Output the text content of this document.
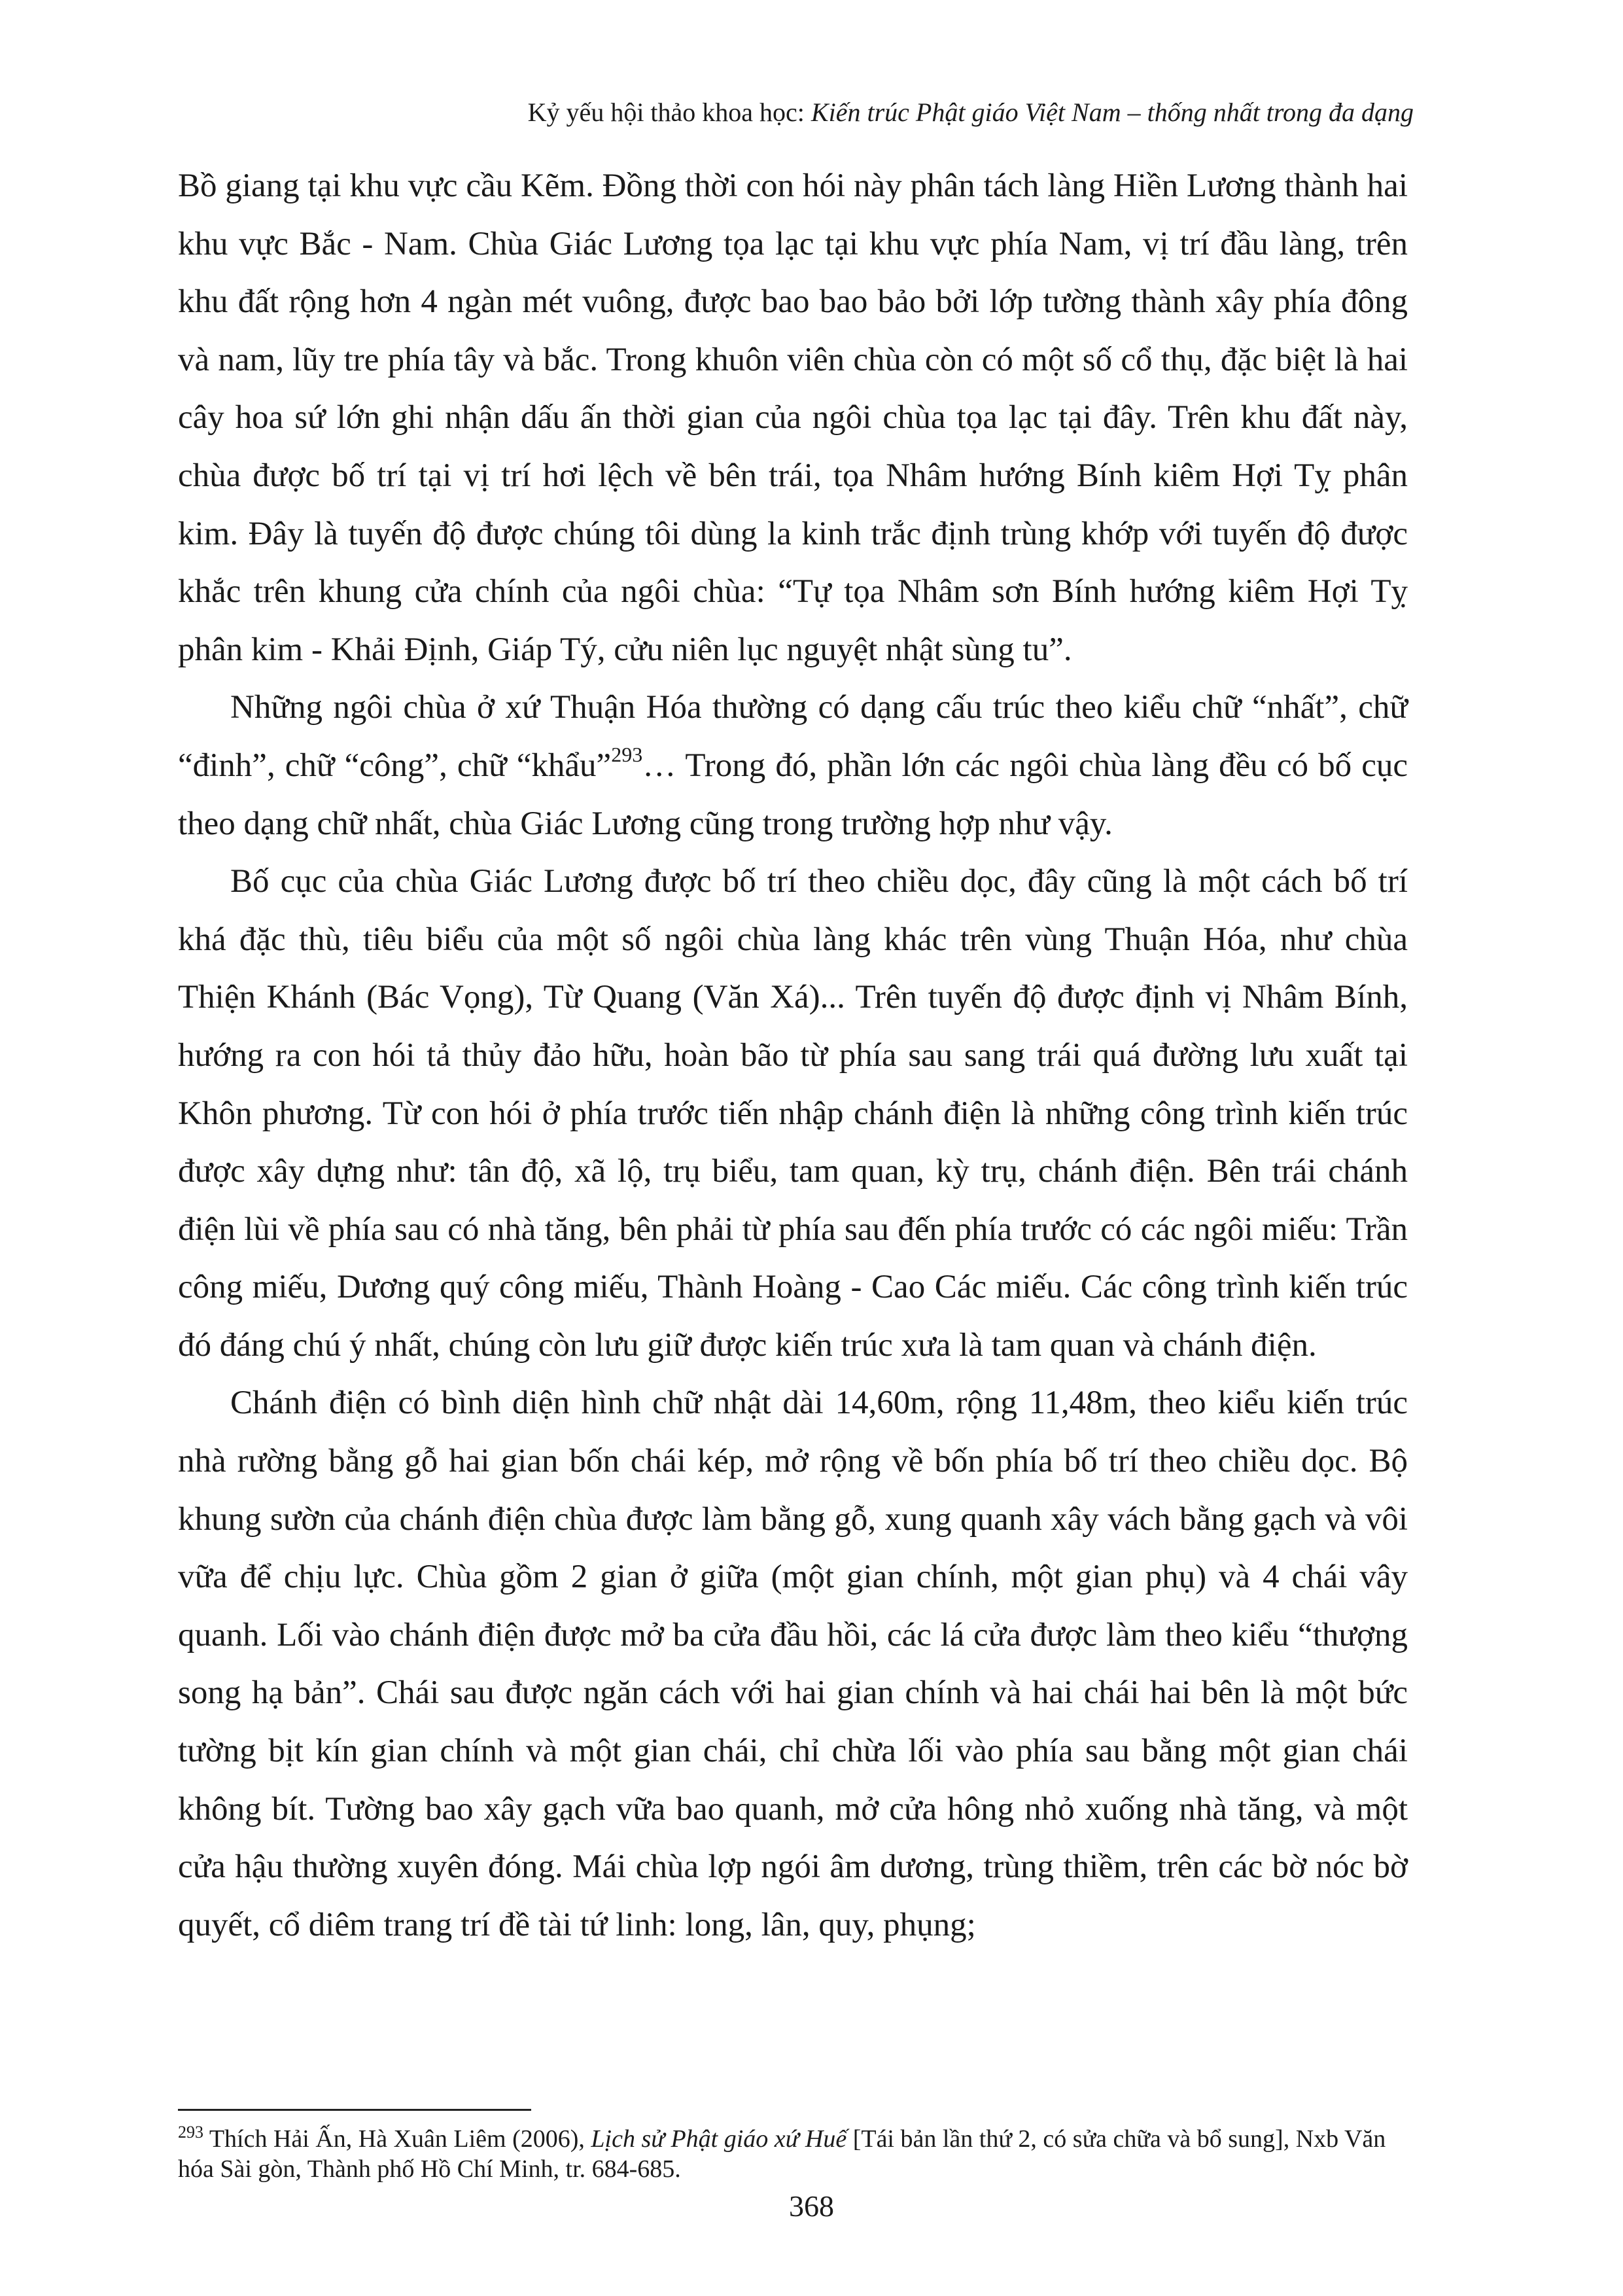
Kỷ yếu hội thảo khoa học: Kiến trúc Phật giáo Việt Nam – thống nhất trong đa dạng

Bồ giang tại khu vực cầu Kẽm. Đồng thời con hói này phân tách làng Hiền Lương thành hai khu vực Bắc - Nam. Chùa Giác Lương tọa lạc tại khu vực phía Nam, vị trí đầu làng, trên khu đất rộng hơn 4 ngàn mét vuông, được bao bao bảo bởi lớp tường thành xây phía đông và nam, lũy tre phía tây và bắc. Trong khuôn viên chùa còn có một số cổ thụ, đặc biệt là hai cây hoa sứ lớn ghi nhận dấu ấn thời gian của ngôi chùa tọa lạc tại đây. Trên khu đất này, chùa được bố trí tại vị trí hơi lệch về bên trái, tọa Nhâm hướng Bính kiêm Hợi Tỵ phân kim. Đây là tuyến độ được chúng tôi dùng la kinh trắc định trùng khớp với tuyến độ được khắc trên khung cửa chính của ngôi chùa: “Tự tọa Nhâm sơn Bính hướng kiêm Hợi Tỵ phân kim - Khải Định, Giáp Tý, cửu niên lục nguyệt nhật sùng tu”.

Những ngôi chùa ở xứ Thuận Hóa thường có dạng cấu trúc theo kiểu chữ “nhất”, chữ “đinh”, chữ “công”, chữ “khẩu”$^{293}$… Trong đó, phần lớn các ngôi chùa làng đều có bố cục theo dạng chữ nhất, chùa Giác Lương cũng trong trường hợp như vậy.

Bố cục của chùa Giác Lương được bố trí theo chiều dọc, đây cũng là một cách bố trí khá đặc thù, tiêu biểu của một số ngôi chùa làng khác trên vùng Thuận Hóa, như chùa Thiện Khánh (Bác Vọng), Từ Quang (Văn Xá)... Trên tuyến độ được định vị Nhâm Bính, hướng ra con hói tả thủy đảo hữu, hoàn bão từ phía sau sang trái quá đường lưu xuất tại Khôn phương. Từ con hói ở phía trước tiến nhập chánh điện là những công trình kiến trúc được xây dựng như: tân độ, xã lộ, trụ biểu, tam quan, kỳ trụ, chánh điện. Bên trái chánh điện lùi về phía sau có nhà tăng, bên phải từ phía sau đến phía trước có các ngôi miếu: Trần công miếu, Dương quý công miếu, Thành Hoàng - Cao Các miếu. Các công trình kiến trúc đó đáng chú ý nhất, chúng còn lưu giữ được kiến trúc xưa là tam quan và chánh điện.

Chánh điện có bình diện hình chữ nhật dài 14,60m, rộng 11,48m, theo kiểu kiến trúc nhà rường bằng gỗ hai gian bốn chái kép, mở rộng về bốn phía bố trí theo chiều dọc. Bộ khung sườn của chánh điện chùa được làm bằng gỗ, xung quanh xây vách bằng gạch và vôi vữa để chịu lực. Chùa gồm 2 gian ở giữa (một gian chính, một gian phụ) và 4 chái vây quanh. Lối vào chánh điện được mở ba cửa đầu hồi, các lá cửa được làm theo kiểu “thượng song hạ bản”. Chái sau được ngăn cách với hai gian chính và hai chái hai bên là một bức tường bịt kín gian chính và một gian chái, chỉ chừa lối vào phía sau bằng một gian chái không bít. Tường bao xây gạch vữa bao quanh, mở cửa hông nhỏ xuống nhà tăng, và một cửa hậu thường xuyên đóng. Mái chùa lợp ngói âm dương, trùng thiềm, trên các bờ nóc bờ quyết, cổ diêm trang trí đề tài tứ linh: long, lân, quy, phụng;

$^{293}$ Thích Hải Ấn, Hà Xuân Liêm (2006), Lịch sử Phật giáo xứ Huế [Tái bản lần thứ 2, có sửa chữa và bổ sung], Nxb Văn hóa Sài gòn, Thành phố Hồ Chí Minh, tr. 684-685.
368
